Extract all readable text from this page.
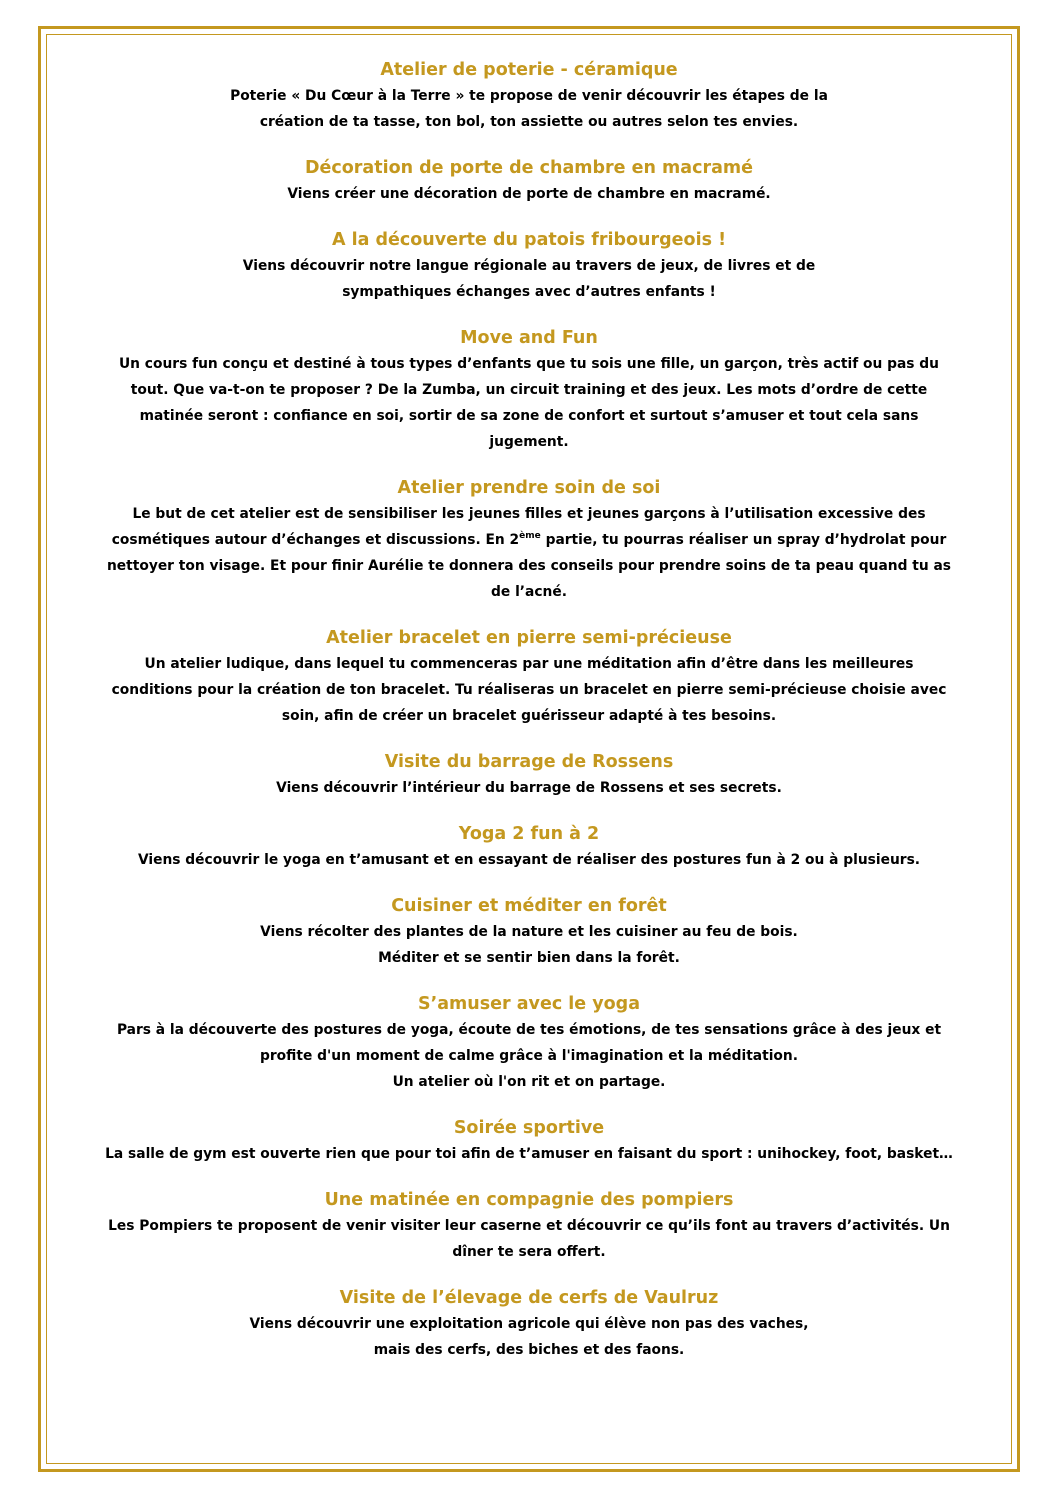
Atelier de poterie - céramique

Poterie « Du Cœur à la Terre » te propose de venir découvrir les étapes de la

création de ta tasse, ton bol, ton assiette ou autres selon tes envies.

Décoration de porte de chambre en macramé

Viens créer une décoration de porte de chambre en macramé.

A la découverte du patois fribourgeois !

Viens découvrir notre langue régionale au travers de jeux, de livres et de

sympathiques échanges avec d’autres enfants !

Move and Fun

Un cours fun conçu et destiné à tous types d’enfants que tu sois une fille, un garçon, très actif ou pas du

tout. Que va-t-on te proposer ? De la Zumba, un circuit training et des jeux. Les mots d’ordre de cette

matinée seront : confiance en soi, sortir de sa zone de confort et surtout s’amuser et tout cela sans

jugement.

Atelier prendre soin de soi

Le but de cet atelier est de sensibiliser les jeunes filles et jeunes garçons à l’utilisation excessive des

cosmétiques autour d’échanges et discussions. En 2ème partie, tu pourras réaliser un spray d’hydrolat pour

nettoyer ton visage. Et pour finir Aurélie te donnera des conseils pour prendre soins de ta peau quand tu as

de l’acné.

Atelier bracelet en pierre semi-précieuse

Un atelier ludique, dans lequel tu commenceras par une méditation afin d’être dans les meilleures

conditions pour la création de ton bracelet. Tu réaliseras un bracelet en pierre semi-précieuse choisie avec

soin, afin de créer un bracelet guérisseur adapté à tes besoins.

Visite du barrage de Rossens

Viens découvrir l’intérieur du barrage de Rossens et ses secrets.

Yoga 2 fun à 2

Viens découvrir le yoga en t’amusant et en essayant de réaliser des postures fun à 2 ou à plusieurs.

Cuisiner et méditer en forêt

Viens récolter des plantes de la nature et les cuisiner au feu de bois.

Méditer et se sentir bien dans la forêt.

S’amuser avec le yoga

Pars à la découverte des postures de yoga, écoute de tes émotions, de tes sensations grâce à des jeux et

profite d'un moment de calme grâce à l'imagination et la méditation.

Un atelier où l'on rit et on partage.

Soirée sportive

La salle de gym est ouverte rien que pour toi afin de t’amuser en faisant du sport : unihockey, foot, basket…

Une matinée en compagnie des pompiers

Les Pompiers te proposent de venir visiter leur caserne et découvrir ce qu’ils font au travers d’activités. Un

dîner te sera offert.

Visite de l’élevage de cerfs de Vaulruz

Viens découvrir une exploitation agricole qui élève non pas des vaches,

mais des cerfs, des biches et des faons.
